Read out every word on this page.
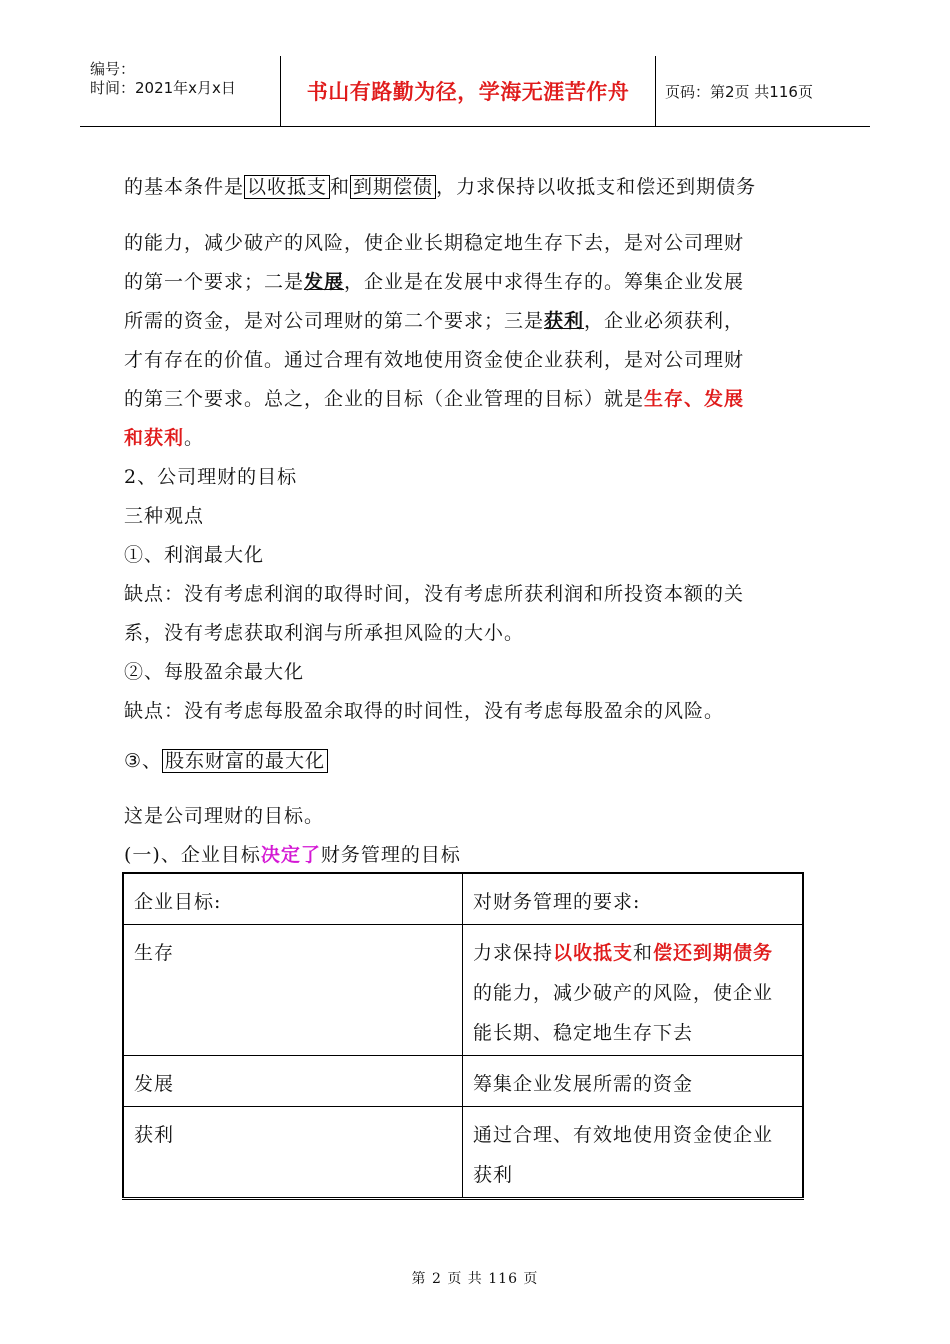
编号：
时间：2021年x月x日	书山有路勤为径，学海无涯苦作舟	页码：第2页 共116页
的基本条件是 以收抵支 和 到期偿债 ，力求保持以收抵支和偿还到期债务
的能力，减少破产的风险，使企业长期稳定地生存下去，是对公司理财
的第一个要求；二是发展，企业是在发展中求得生存的。筹集企业发展
所需的资金，是对公司理财的第二个要求；三是获利，企业必须获利，
才有存在的价值。通过合理有效地使用资金使企业获利，是对公司理财
的第三个要求。总之，企业的目标（企业管理的目标）就是生存、发展
和获利。
2、公司理财的目标
三种观点
①、利润最大化
缺点：没有考虑利润的取得时间，没有考虑所获利润和所投资本额的关
系，没有考虑获取利润与所承担风险的大小。
②、每股盈余最大化
缺点：没有考虑每股盈余取得的时间性，没有考虑每股盈余的风险。
③、 股东财富的最大化
这是公司理财的目标。
(一)、企业目标决定了财务管理的目标
企业目标:	对财务管理的要求:
生存	力求保持以收抵支和偿还到期债务的能力，减少破产的风险，使企业能长期、稳定地生存下去
发展	筹集企业发展所需的资金
获利	通过合理、有效地使用资金使企业获利
第 2 页 共 116 页
